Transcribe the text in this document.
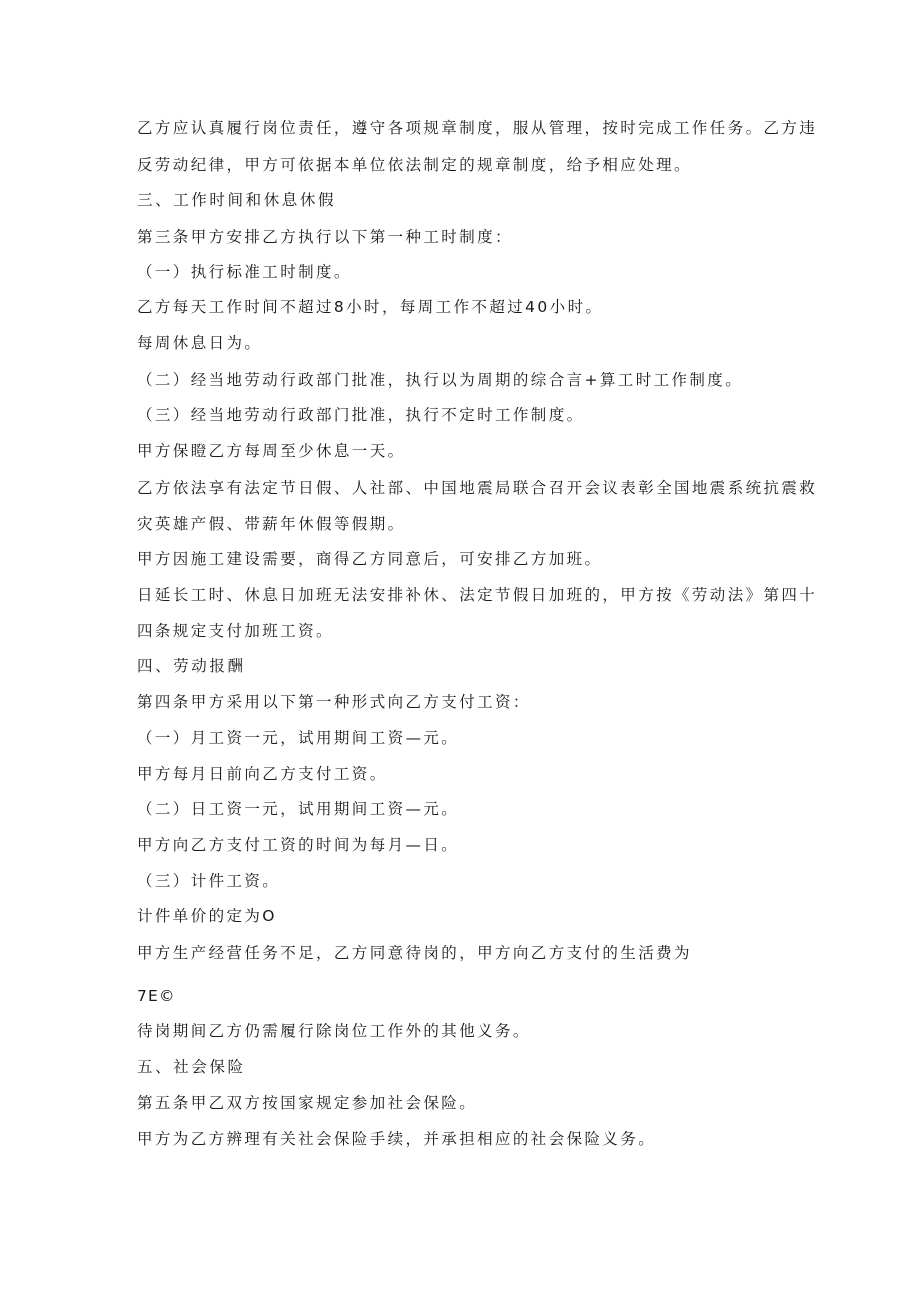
乙方应认真履行岗位责任，遵守各项规章制度，服从管理，按时完成工作任务。乙方违
反劳动纪律，甲方可依据本单位依法制定的规章制度，给予相应处理。
三、工作时间和休息休假
第三条甲方安排乙方执行以下第一种工时制度：
（一）执行标准工时制度。
乙方每天工作时间不超过8小时，每周工作不超过40小时。
每周休息日为。
（二）经当地劳动行政部门批准，执行以为周期的综合言+算工时工作制度。
（三）经当地劳动行政部门批准，执行不定时工作制度。
甲方保瞪乙方每周至少休息一天。
乙方依法享有法定节日假、人社部、中国地震局联合召开会议表彰全国地震系统抗震救
灾英雄产假、带薪年休假等假期。
甲方因施工建设需要，商得乙方同意后，可安排乙方加班。
日延长工时、休息日加班无法安排补休、法定节假日加班的，甲方按《劳动法》第四十
四条规定支付加班工资。
四、劳动报酬
第四条甲方采用以下第一种形式向乙方支付工资：
（一）月工资一元，试用期间工资—元。
甲方每月日前向乙方支付工资。
（二）日工资一元，试用期间工资—元。
甲方向乙方支付工资的时间为每月—日。
（三）计件工资。
计件单价的定为O
甲方生产经营任务不足，乙方同意待岗的，甲方向乙方支付的生活费为
7E©
待岗期间乙方仍需履行除岗位工作外的其他义务。
五、社会保险
第五条甲乙双方按国家规定参加社会保险。
甲方为乙方辨理有关社会保险手续，并承担相应的社会保险义务。
